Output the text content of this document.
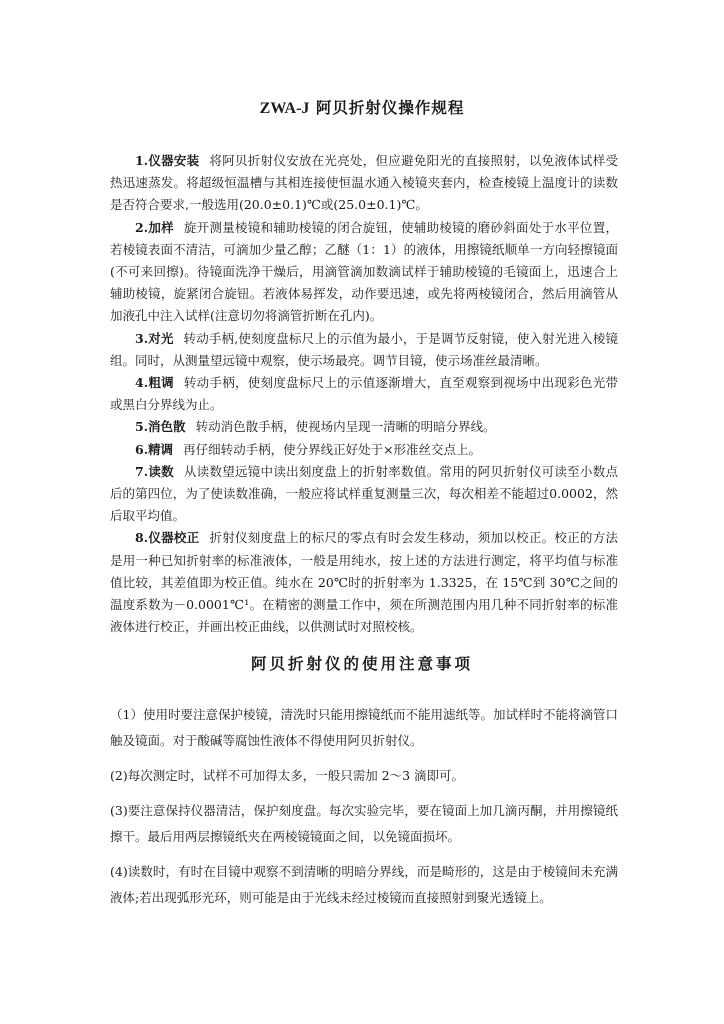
ZWA-J 阿贝折射仪操作规程

1.仪器安装 将阿贝折射仪安放在光亮处，但应避免阳光的直接照射，以免液体试样受热迅速蒸发。将超级恒温槽与其相连接使恒温水通入棱镜夹套内，检查棱镜上温度计的读数是否符合要求,一般选用(20.0±0.1)℃或(25.0±0.1)℃。

2.加样 旋开测量棱镜和辅助棱镜的闭合旋钮，使辅助棱镜的磨砂斜面处于水平位置，若棱镜表面不清洁，可滴加少量乙醇；乙醚（1：1）的液体，用擦镜纸顺单一方向轻擦镜面(不可来回擦)。待镜面洗净干燥后，用滴管滴加数滴试样于辅助棱镜的毛镜面上，迅速合上辅助棱镜，旋紧闭合旋钮。若液体易挥发，动作要迅速，或先将两棱镜闭合，然后用滴管从加液孔中注入试样(注意切勿将滴管折断在孔内)。

3.对光 转动手柄,使刻度盘标尺上的示值为最小，于是调节反射镜，使入射光进入棱镜组。同时，从测量望远镜中观察，使示场最亮。调节目镜，使示场准丝最清晰。

4.粗调 转动手柄，使刻度盘标尺上的示值逐渐增大，直至观察到视场中出现彩色光带或黑白分界线为止。

5.消色散 转动消色散手柄，使视场内呈现一清晰的明暗分界线。

6.精调 再仔细转动手柄，使分界线正好处于×形准丝交点上。

7.读数 从读数望远镜中读出刻度盘上的折射率数值。常用的阿贝折射仪可读至小数点后的第四位，为了使读数准确，一般应将试样重复测量三次，每次相差不能超过0.0002，然后取平均值。

8.仪器校正 折射仪刻度盘上的标尺的零点有时会发生移动，须加以校正。校正的方法是用一种已知折射率的标准液体，一般是用纯水，按上述的方法进行测定，将平均值与标准值比较，其差值即为校正值。纯水在 20℃时的折射率为 1.3325，在 15℃到 30℃之间的温度系数为－0.0001℃¹。在精密的测量工作中，须在所测范围内用几种不同折射率的标准液体进行校正，并画出校正曲线，以供测试时对照校核。

阿贝折射仪的使用注意事项

（1）使用时要注意保护棱镜，清洗时只能用擦镜纸而不能用滤纸等。加试样时不能将滴管口触及镜面。对于酸碱等腐蚀性液体不得使用阿贝折射仪。

(2)每次测定时，试样不可加得太多，一般只需加 2～3 滴即可。

(3)要注意保持仪器清洁，保护刻度盘。每次实验完毕，要在镜面上加几滴丙酮，并用擦镜纸擦干。最后用两层擦镜纸夹在两棱镜镜面之间，以免镜面损坏。

(4)读数时，有时在目镜中观察不到清晰的明暗分界线，而是畸形的，这是由于棱镜间未充满液体;若出现弧形光环，则可能是由于光线未经过棱镜而直接照射到聚光透镜上。
